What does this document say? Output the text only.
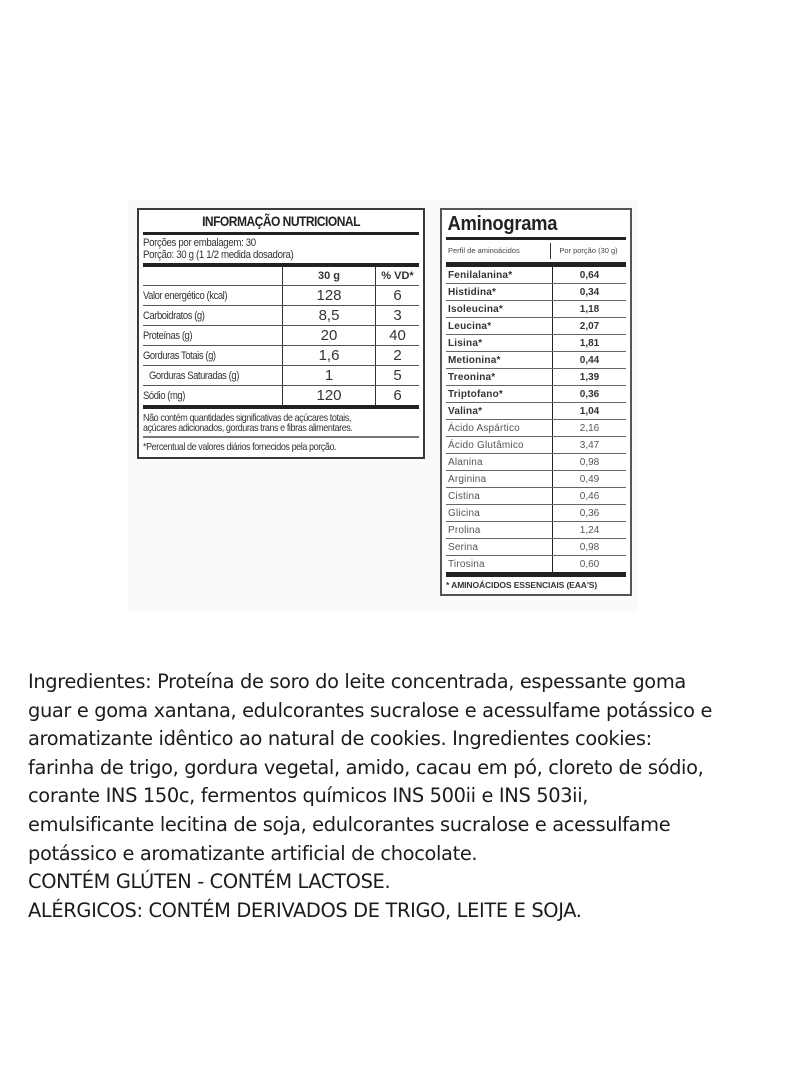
INFORMAÇÃO NUTRICIONAL
Porções por embalagem: 30
Porção: 30 g (1 1/2 medida dosadora)
	30 g	% VD*
Valor energético (kcal)	128	6
Carboidratos (g)	8,5	3
Proteínas (g)	20	40
Gorduras Totais (g)	1,6	2
Gorduras Saturadas (g)	1	5
Sódio (mg)	120	6
Não contém quantidades significativas de açúcares totais,
açúcares adicionados, gorduras trans e fibras alimentares.
*Percentual de valores diários fornecidos pela porção.
Aminograma
Perfil de aminoácidos	Por porção (30 g)
Fenilalanina*	0,64
Histidina*	0,34
Isoleucina*	1,18
Leucina*	2,07
Lisina*	1,81
Metionina*	0,44
Treonina*	1,39
Triptofano*	0,36
Valina*	1,04
Ácido Aspártico	2,16
Ácido Glutâmico	3,47
Alanina	0,98
Arginina	0,49
Cistina	0,46
Glicina	0,36
Prolina	1,24
Serina	0,98
Tirosina	0,60
* AMINOÁCIDOS ESSENCIAIS (EAA'S)
Ingredientes: Proteína de soro do leite concentrada, espessante goma
guar e goma xantana, edulcorantes sucralose e acessulfame potássico e
aromatizante idêntico ao natural de cookies. Ingredientes cookies:
farinha de trigo, gordura vegetal, amido, cacau em pó, cloreto de sódio,
corante INS 150c, fermentos químicos INS 500ii e INS 503ii,
emulsificante lecitina de soja, edulcorantes sucralose e acessulfame
potássico e aromatizante artificial de chocolate.
CONTÉM GLÚTEN - CONTÉM LACTOSE.
ALÉRGICOS: CONTÉM DERIVADOS DE TRIGO, LEITE E SOJA.
